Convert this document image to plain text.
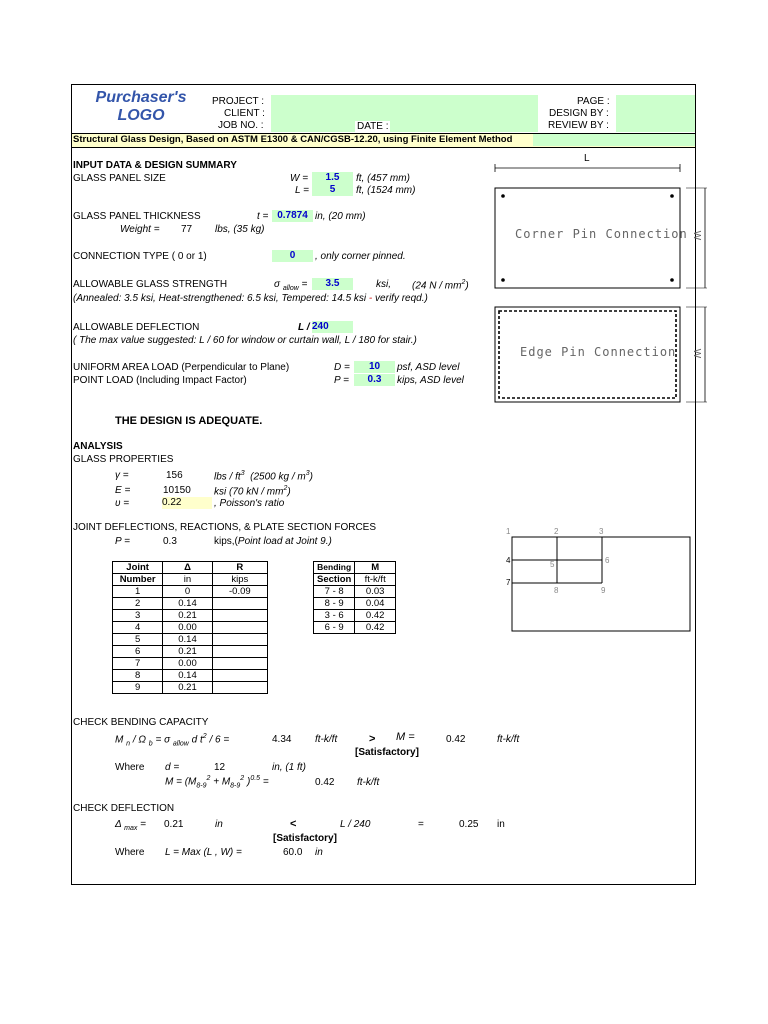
Purchaser's
LOGO
PROJECT :
CLIENT :
JOB NO. :	DATE :
PAGE :
DESIGN BY :
REVIEW BY :
Structural Glass Design, Based on ASTM E1300 & CAN/CGSB-12.20, using Finite Element Method
INPUT DATA & DESIGN SUMMARY
GLASS PANEL SIZE	W =	1.5	ft, (457 mm)
L =	5	ft, (1524 mm)
GLASS PANEL THICKNESS	t = 0.7874 in, (20 mm)
Weight = 77 lbs, (35 kg)
CONNECTION TYPE ( 0 or 1)	0	, only corner pinned.
ALLOWABLE GLASS STRENGTH	σ $_{allow}$ =	3.5	ksi, (24 N / $mm^2$)
(Annealed: 3.5 ksi, Heat-strengthened: 6.5 ksi, Tempered: 14.5 ksi - verify reqd.)
ALLOWABLE DEFLECTION	L / 240
( The max value suggested: L / 60 for window or curtain wall, L / 180 for stair.)
UNIFORM AREA LOAD (Perpendicular to Plane)	D =	10	psf, ASD level
POINT LOAD (Including Impact Factor)	P =	0.3	kips, ASD level
THE DESIGN IS ADEQUATE.
L
Corner Pin Connection
Edge Pin Connection
W
W
1	2	3
4	5	6
7
8	9
ANALYSIS
GLASS PROPERTIES
γ =	156	lbs / $ft^3$ (2500 kg / $m^3$)
E =	10150 ksi (70 kN / $mm^2$)
υ =	0.22	, Poisson's ratio
JOINT DEFLECTIONS, REACTIONS, & PLATE SECTION FORCES
P =	0.3	kips,(Point load at Joint 9.)
Joint	Δ	R
Number	in	kips
1	0	-0.09
2	0.14	
3	0.21	
4	0.00	
5	0.14	
6	0.21	
7	0.00	
8	0.14	
9	0.21	
Bending	M
Section	ft-k/ft
7 - 8	0.03
8 - 9	0.04
3 - 6	0.42
6 - 9	0.42
CHECK BENDING CAPACITY
M $_n$ / Ω $_b$ = σ $_{allow}$ d $t^2 / 6$ =	4.34 ft-k/ft	> M =	0.42	ft-k/ft
[Satisfactory]
Where d =	12	in, (1 ft)
$M = (M_{8-9}^2 + M_{8-9}^2$ )$^{0.5}$ =	0.42 ft-k/ft
CHECK DEFLECTION
Δ $_{max}$ = 0.21	in	<	L / 240	=	0.25 in
[Satisfactory]
Where L = Max (L , W) =	60.0 in
